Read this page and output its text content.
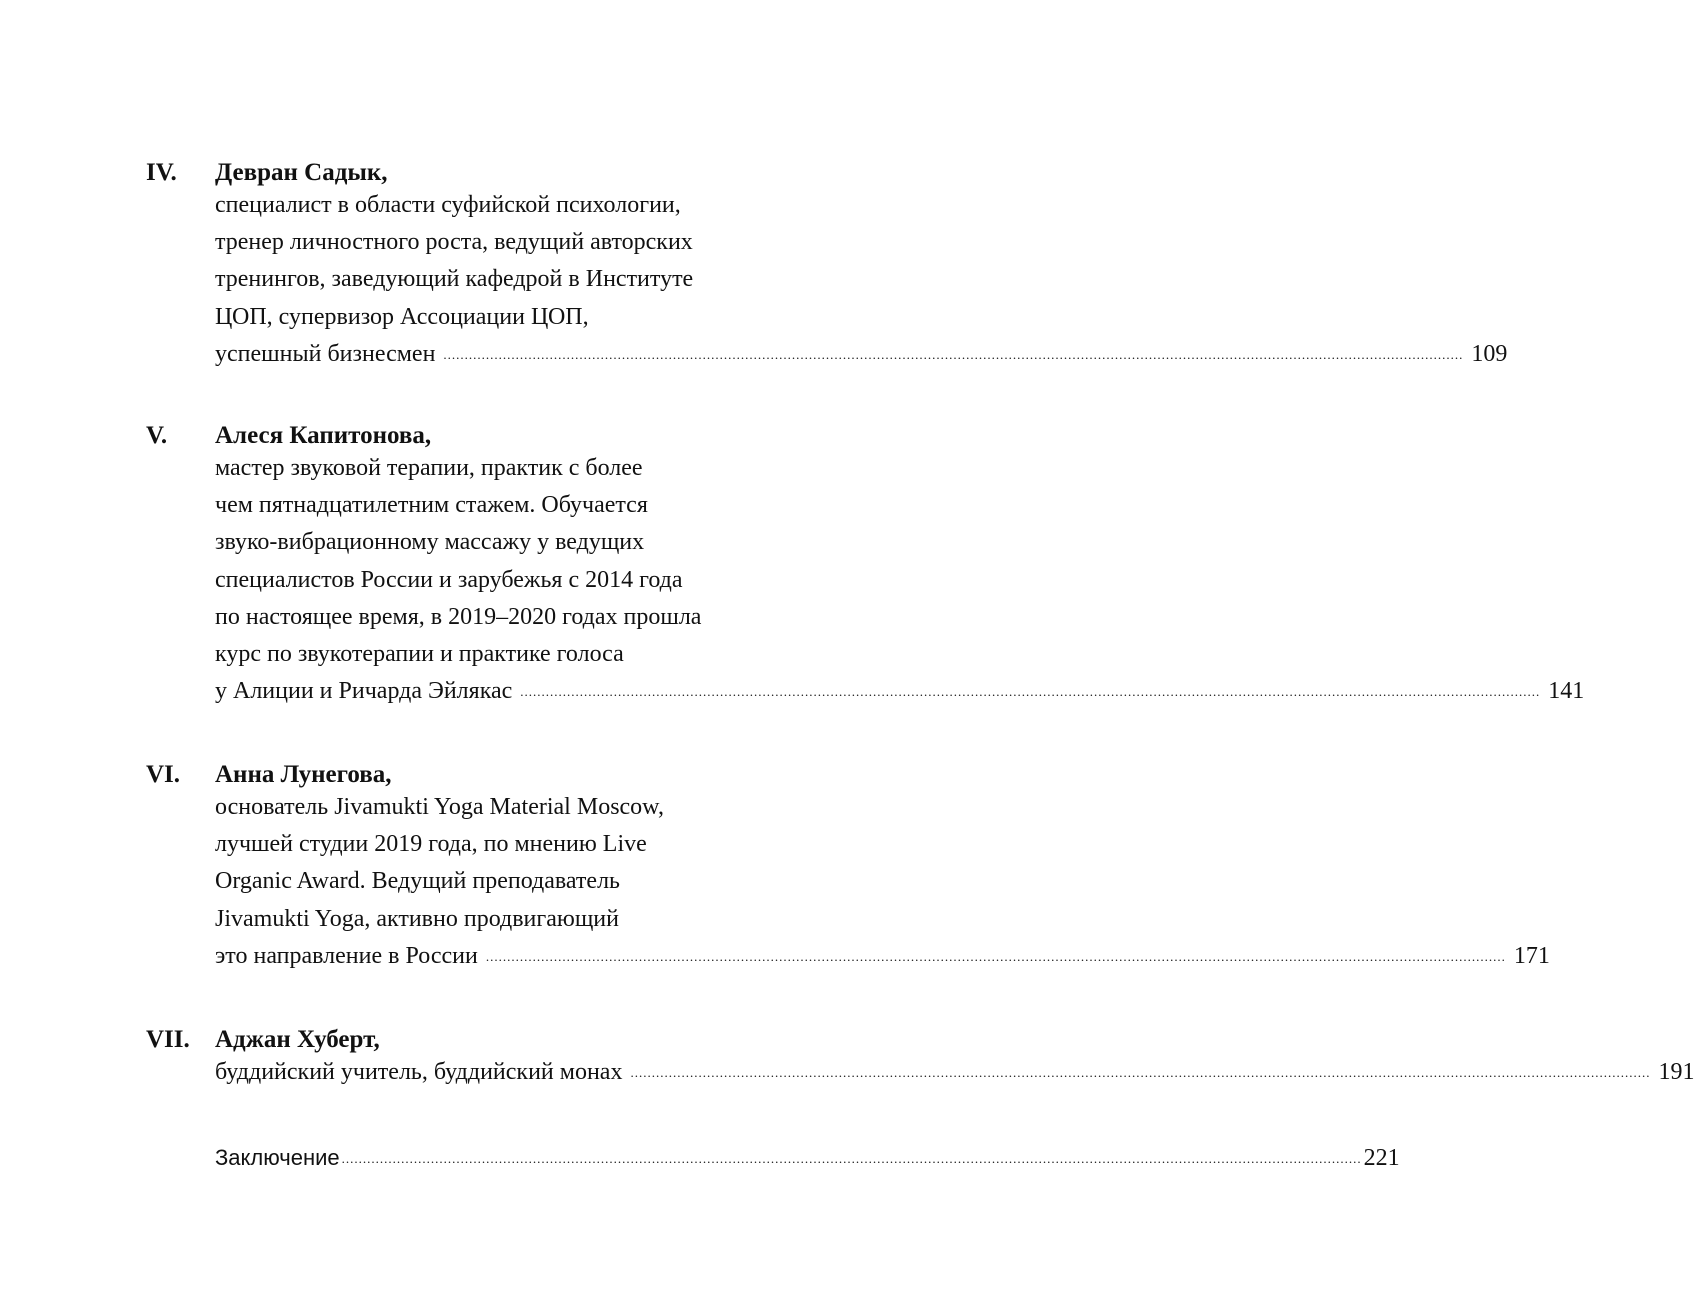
IV. Девран Садык,
специалист в области суфийской психологии,
тренер личностного роста, ведущий авторских
тренингов, заведующий кафедрой в Институте
ЦОП, супервизор Ассоциации ЦОП,
успешный бизнесмен .....	109
V. Алеся Капитонова,
мастер звуковой терапии, практик с более
чем пятнадцатилетним стажем. Обучается
звуко-вибрационному массажу у ведущих
специалистов России и зарубежья с 2014 года
по настоящее время, в 2019–2020 годах прошла
курс по звукотерапии и практике голоса
у Алиции и Ричарда Эйлякас .....	141
VI. Анна Лунегова,
основатель Jivamukti Yoga Material Moscow,
лучшей студии 2019 года, по мнению Live
Organic Award. Ведущий преподаватель
Jivamukti Yoga, активно продвигающий
это направление в России .....	171
VII. Аджан Хуберт,
буддийский учитель, буддийский монах .....	191
Заключение .....	221
